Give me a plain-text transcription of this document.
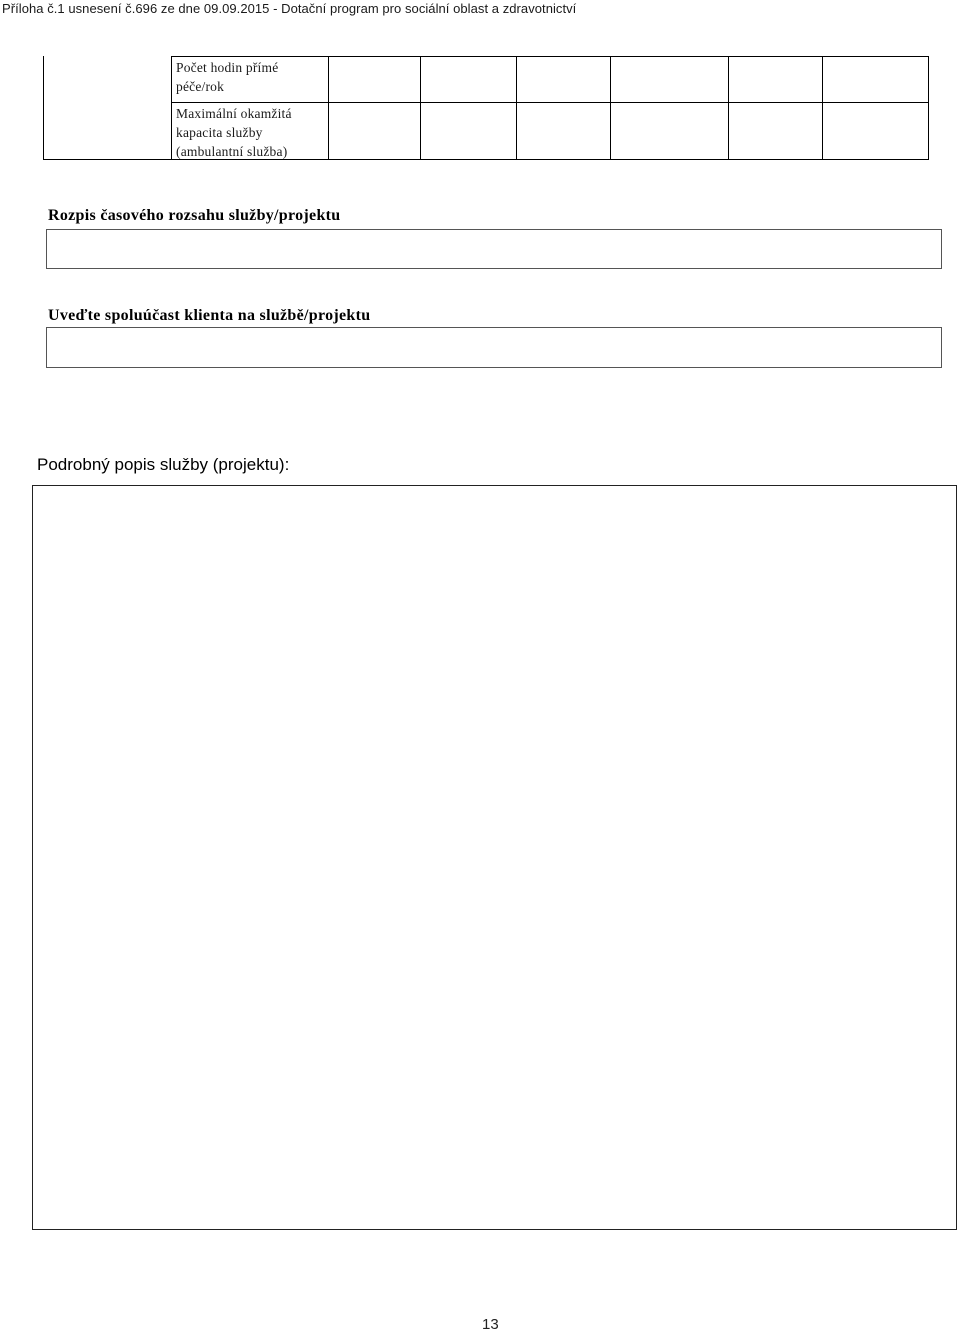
Příloha č.1 usnesení č.696 ze dne 09.09.2015 - Dotační program pro sociální oblast a zdravotnictví
Počet hodin přímé
péče/rok
Maximální okamžitá
kapacita služby
(ambulantní služba)
Rozpis časového rozsahu služby/projektu
Uveďte spoluúčast klienta na službě/projektu
Podrobný popis služby (projektu):
13
